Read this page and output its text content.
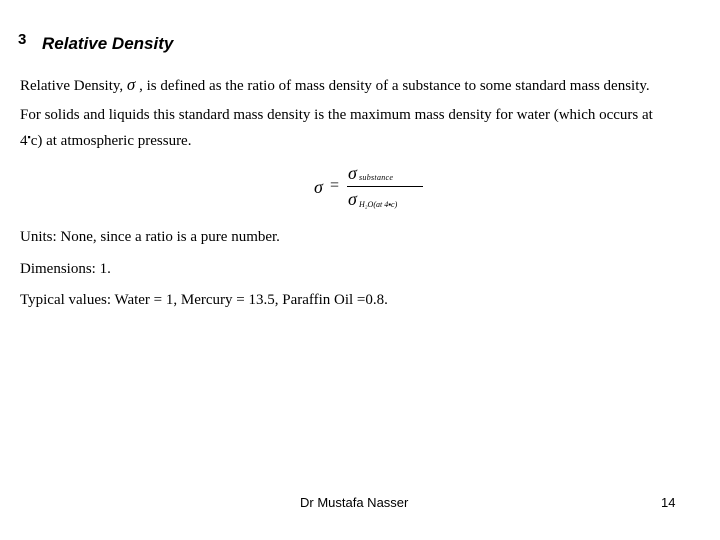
3 Relative Density
Relative Density, σ , is defined as the ratio of mass density of a substance to some standard mass density.
For solids and liquids this standard mass density is the maximum mass density for water (which occurs at
4▪c) at atmospheric pressure.
σ =
σ substance
σ H₂O(at 4▪c)
Units: None, since a ratio is a pure number.
Dimensions: 1.
Typical values: Water = 1, Mercury = 13.5, Paraffin Oil =0.8.
Dr Mustafa Nasser	14
